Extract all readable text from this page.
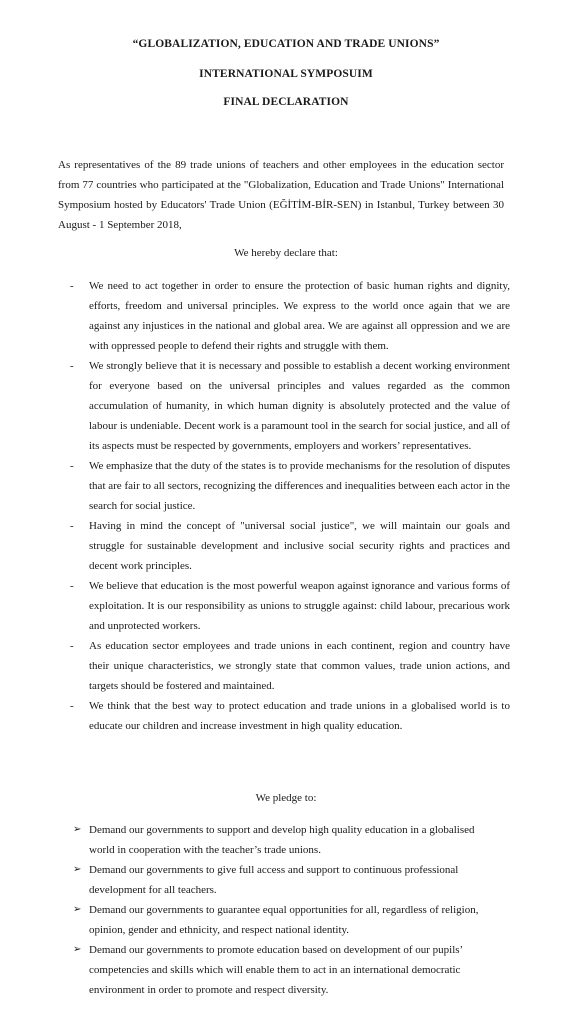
“GLOBALIZATION, EDUCATION AND TRADE UNIONS”
INTERNATIONAL SYMPOSUIM
FINAL DECLARATION

As representatives of the 89 trade unions of teachers and other employees in the education sector from 77 countries who participated at the "Globalization, Education and Trade Unions" International Symposium hosted by Educators' Trade Union (EĞİTİM-BİR-SEN) in Istanbul, Turkey between 30 August - 1 September 2018,

We hereby declare that:
- We need to act together in order to ensure the protection of basic human rights and dignity, efforts, freedom and universal principles. We express to the world once again that we are against any injustices in the national and global area. We are against all oppression and we are with oppressed people to defend their rights and struggle with them.
- We strongly believe that it is necessary and possible to establish a decent working environment for everyone based on the universal principles and values regarded as the common accumulation of humanity, in which human dignity is absolutely protected and the value of labour is undeniable. Decent work is a paramount tool in the search for social justice, and all of its aspects must be respected by governments, employers and workers’ representatives.
- We emphasize that the duty of the states is to provide mechanisms for the resolution of disputes that are fair to all sectors, recognizing the differences and inequalities between each actor in the search for social justice.
- Having in mind the concept of "universal social justice", we will maintain our goals and struggle for sustainable development and inclusive social security rights and practices and decent work principles.
- We believe that education is the most powerful weapon against ignorance and various forms of exploitation. It is our responsibility as unions to struggle against: child labour, precarious work and unprotected workers.
- As education sector employees and trade unions in each continent, region and country have their unique characteristics, we strongly state that common values, trade union actions, and targets should be fostered and maintained.
- We think that the best way to protect education and trade unions in a globalised world is to educate our children and increase investment in high quality education.
We pledge to:
➢ Demand our governments to support and develop high quality education in a globalised world in cooperation with the teacher’s trade unions.
➢ Demand our governments to give full access and support to continuous professional development for all teachers.
➢ Demand our governments to guarantee equal opportunities for all, regardless of religion, opinion, gender and ethnicity, and respect national identity.
➢ Demand our governments to promote education based on development of our pupils’ competencies and skills which will enable them to act in an international democratic environment in order to promote and respect diversity.
